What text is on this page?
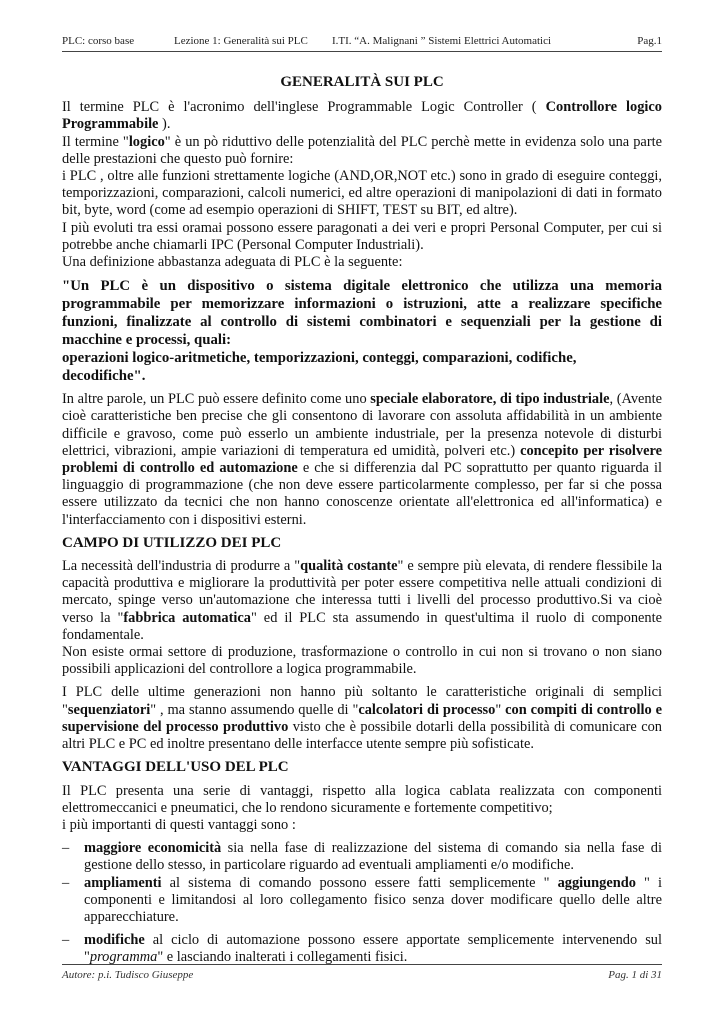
PLC: corso base	Lezione 1: Generalità sui PLC I.TI. “A. Malignani ” Sistemi Elettrici Automatici	Pag.1
GENERALITÀ SUI PLC

Il termine PLC è l'acronimo dell'inglese Programmable Logic Controller ( Controllore logico Programmabile ).

Il termine "logico" è un pò riduttivo delle potenzialità del PLC perchè mette in evidenza solo una parte delle prestazioni che questo può fornire:

i PLC , oltre alle funzioni strettamente logiche (AND,OR,NOT etc.) sono in grado di eseguire conteggi, temporizzazioni, comparazioni, calcoli numerici, ed altre operazioni di manipolazioni di dati in formato bit, byte, word (come ad esempio operazioni di SHIFT, TEST su BIT, ed altre).

I più evoluti tra essi oramai possono essere paragonati a dei veri e propri Personal Computer, per cui si potrebbe anche chiamarli IPC (Personal Computer Industriali).

Una definizione abbastanza adeguata di PLC è la seguente:

"Un PLC è un dispositivo o sistema digitale elettronico che utilizza una memoria programmabile per memorizzare informazioni o istruzioni, atte a realizzare specifiche funzioni, finalizzate al controllo di sistemi combinatori e sequenziali per la gestione di macchine e processi, quali:

operazioni logico-aritmetiche, temporizzazioni, conteggi, comparazioni, codifiche, decodifiche".

In altre parole, un PLC può essere definito come uno speciale elaboratore, di tipo industriale, (Avente cioè caratteristiche ben precise che gli consentono di lavorare con assoluta affidabilità in un ambiente difficile e gravoso, come può esserlo un ambiente industriale, per la presenza notevole di disturbi elettrici, vibrazioni, ampie variazioni di temperatura ed umidità, polveri etc.) concepito per risolvere problemi di controllo ed automazione e che si differenzia dal PC soprattutto per quanto riguarda il linguaggio di programmazione (che non deve essere particolarmente complesso, per far si che possa essere utilizzato da tecnici che non hanno conoscenze orientate all'elettronica ed all'informatica) e l'interfacciamento con i dispositivi esterni.

CAMPO DI UTILIZZO DEI PLC

La necessità dell'industria di produrre a "qualità costante" e sempre più elevata, di rendere flessibile la capacità produttiva e migliorare la produttività per poter essere competitiva nelle attuali condizioni di mercato, spinge verso un'automazione che interessa tutti i livelli del processo produttivo.Si va cioè verso la "fabbrica automatica" ed il PLC sta assumendo in quest'ultima il ruolo di componente fondamentale.

Non esiste ormai settore di produzione, trasformazione o controllo in cui non si trovano o non siano possibili applicazioni del controllore a logica programmabile.

I PLC delle ultime generazioni non hanno più soltanto le caratteristiche originali di semplici "sequenziatori" , ma stanno assumendo quelle di "calcolatori di processo" con compiti di controllo e supervisione del processo produttivo visto che è possibile dotarli della possibilità di comunicare con altri PLC e PC ed inoltre presentano delle interfacce utente sempre più sofisticate.

VANTAGGI DELL'USO DEL PLC

Il PLC presenta una serie di vantaggi, rispetto alla logica cablata realizzata con componenti elettromeccanici e pneumatici, che lo rendono sicuramente e fortemente competitivo;

i più importanti di questi vantaggi sono :

– maggiore economicità sia nella fase di realizzazione del sistema di comando sia nella fase di gestione dello stesso, in particolare riguardo ad eventuali ampliamenti e/o modifiche.
– ampliamenti al sistema di comando possono essere fatti semplicemente " aggiungendo " i componenti e limitandosi al loro collegamento fisico senza dover modificare quello delle altre apparecchiature.
– modifiche al ciclo di automazione possono essere apportate semplicemente intervenendo sul "programma" e lasciando inalterati i collegamenti fisici.
Autore: p.i. Tudisco Giuseppe	Pag. 1 di 31
